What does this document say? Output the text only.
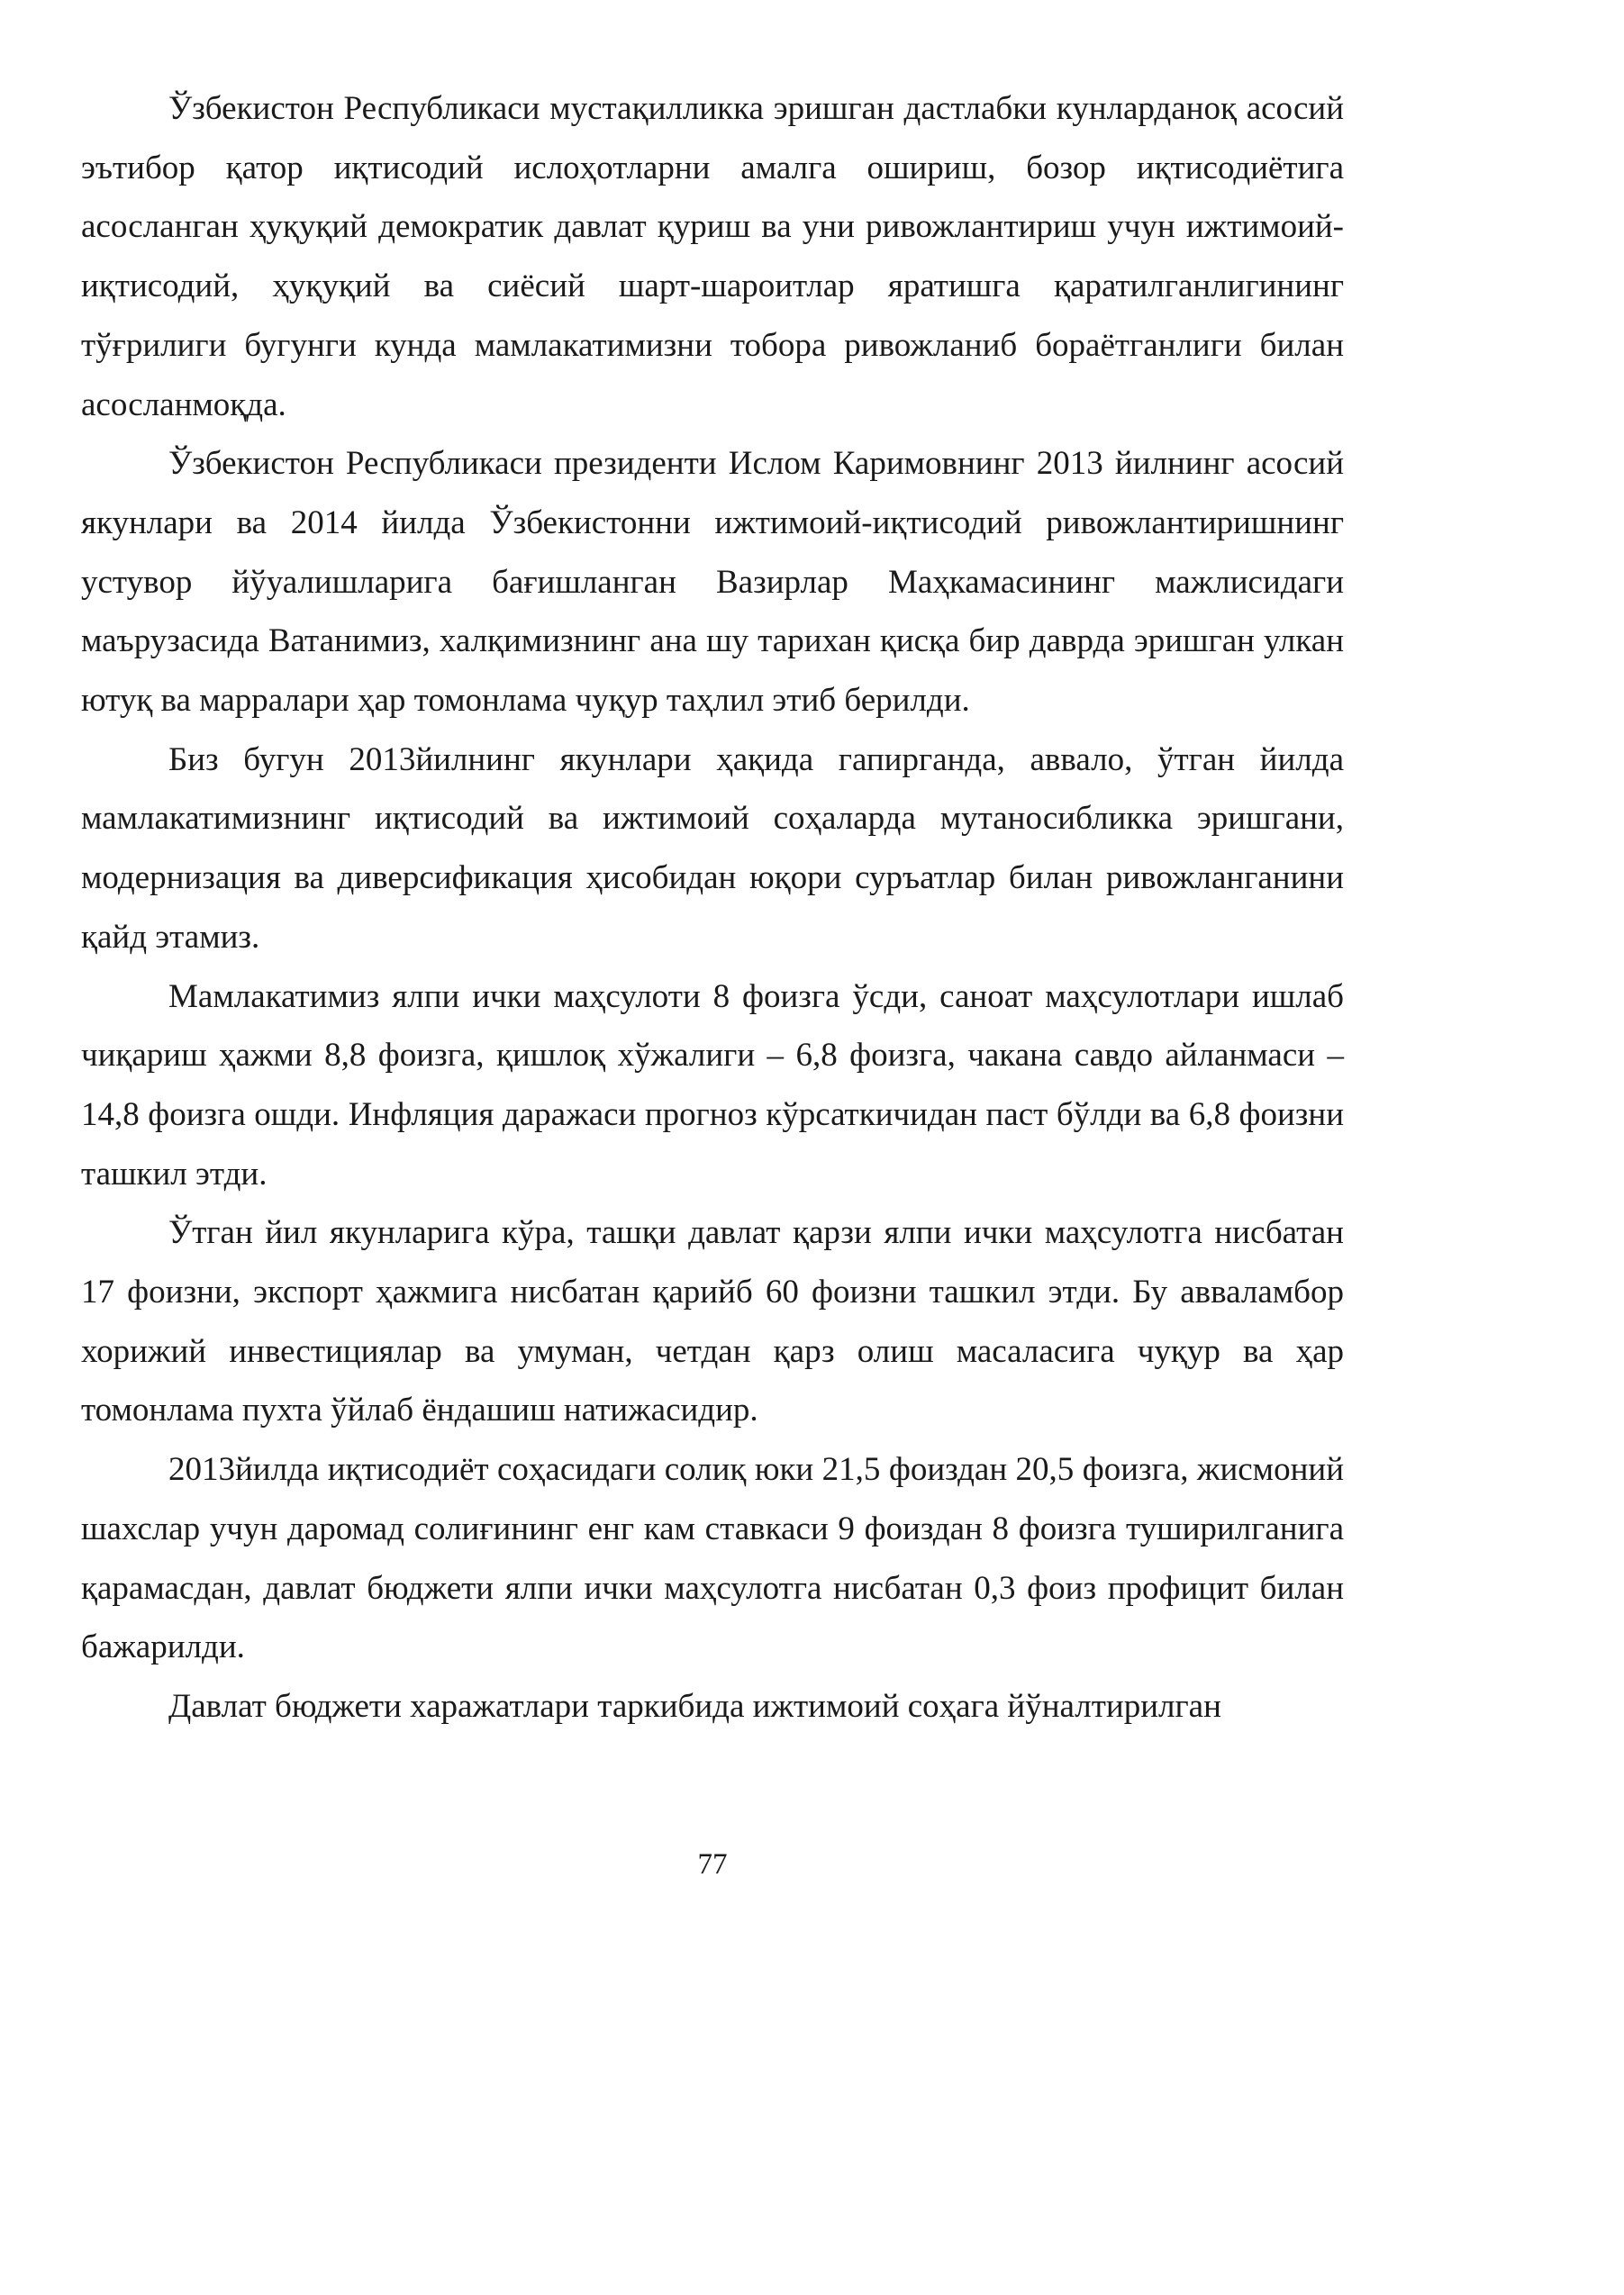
Ўзбекистон Республикаси мустақилликка эришган дастлабки кунларданоқ асосий эътибор қатор иқтисодий ислоҳотларни амалга ошириш, бозор иқтисодиётига асосланган ҳуқуқий демократик давлат қуриш ва уни ривожлантириш учун ижтимоий-иқтисодий, ҳуқуқий ва сиёсий шарт-шароитлар яратишга қаратилганлигининг тўғрилиги бугунги кунда мамлакатимизни тобора ривожланиб бораётганлиги билан асосланмоқда.

Ўзбекистон Республикаси президенти Ислом Каримовнинг 2013 йилнинг асосий якунлари ва 2014 йилда Ўзбекистонни ижтимоий-иқтисодий ривожлантиришнинг устувор йўуалишларига бағишланган Вазирлар Маҳкамасининг мажлисидаги маърузасида Ватанимиз, халқимизнинг ана шу тарихан қисқа бир даврда эришган улкан ютуқ ва марралари ҳар томонлама чуқур таҳлил этиб берилди.

Биз бугун 2013йилнинг якунлари ҳақида гапирганда, аввало, ўтган йилда мамлакатимизнинг иқтисодий ва ижтимоий соҳаларда мутаносибликка эришгани, модернизация ва диверсификация ҳисобидан юқори суръатлар билан ривожланганини қайд этамиз.

Мамлакатимиз ялпи ички маҳсулоти 8 фоизга ўсди, саноат маҳсулотлари ишлаб чиқариш ҳажми 8,8 фоизга, қишлоқ хўжалиги – 6,8 фоизга, чакана савдо айланмаси – 14,8 фоизга ошди. Инфляция даражаси прогноз кўрсаткичидан паст бўлди ва 6,8 фоизни ташкил этди.

Ўтган йил якунларига кўра, ташқи давлат қарзи ялпи ички маҳсулотга нисбатан 17 фоизни, экспорт ҳажмига нисбатан қарийб 60 фоизни ташкил этди. Бу авваламбор хорижий инвестициялар ва умуман, четдан қарз олиш масаласига чуқур ва ҳар томонлама пухта ўйлаб ёндашиш натижасидир.

2013йилда иқтисодиёт соҳасидаги солиқ юки 21,5 фоиздан 20,5 фоизга, жисмоний шахслар учун даромад солиғининг енг кам ставкаси 9 фоиздан 8 фоизга туширилганига қарамасдан, давлат бюджети ялпи ички маҳсулотга нисбатан 0,3 фоиз профицит билан бажарилди.

Давлат бюджети харажатлари таркибида ижтимоий соҳага йўналтирилган

77
